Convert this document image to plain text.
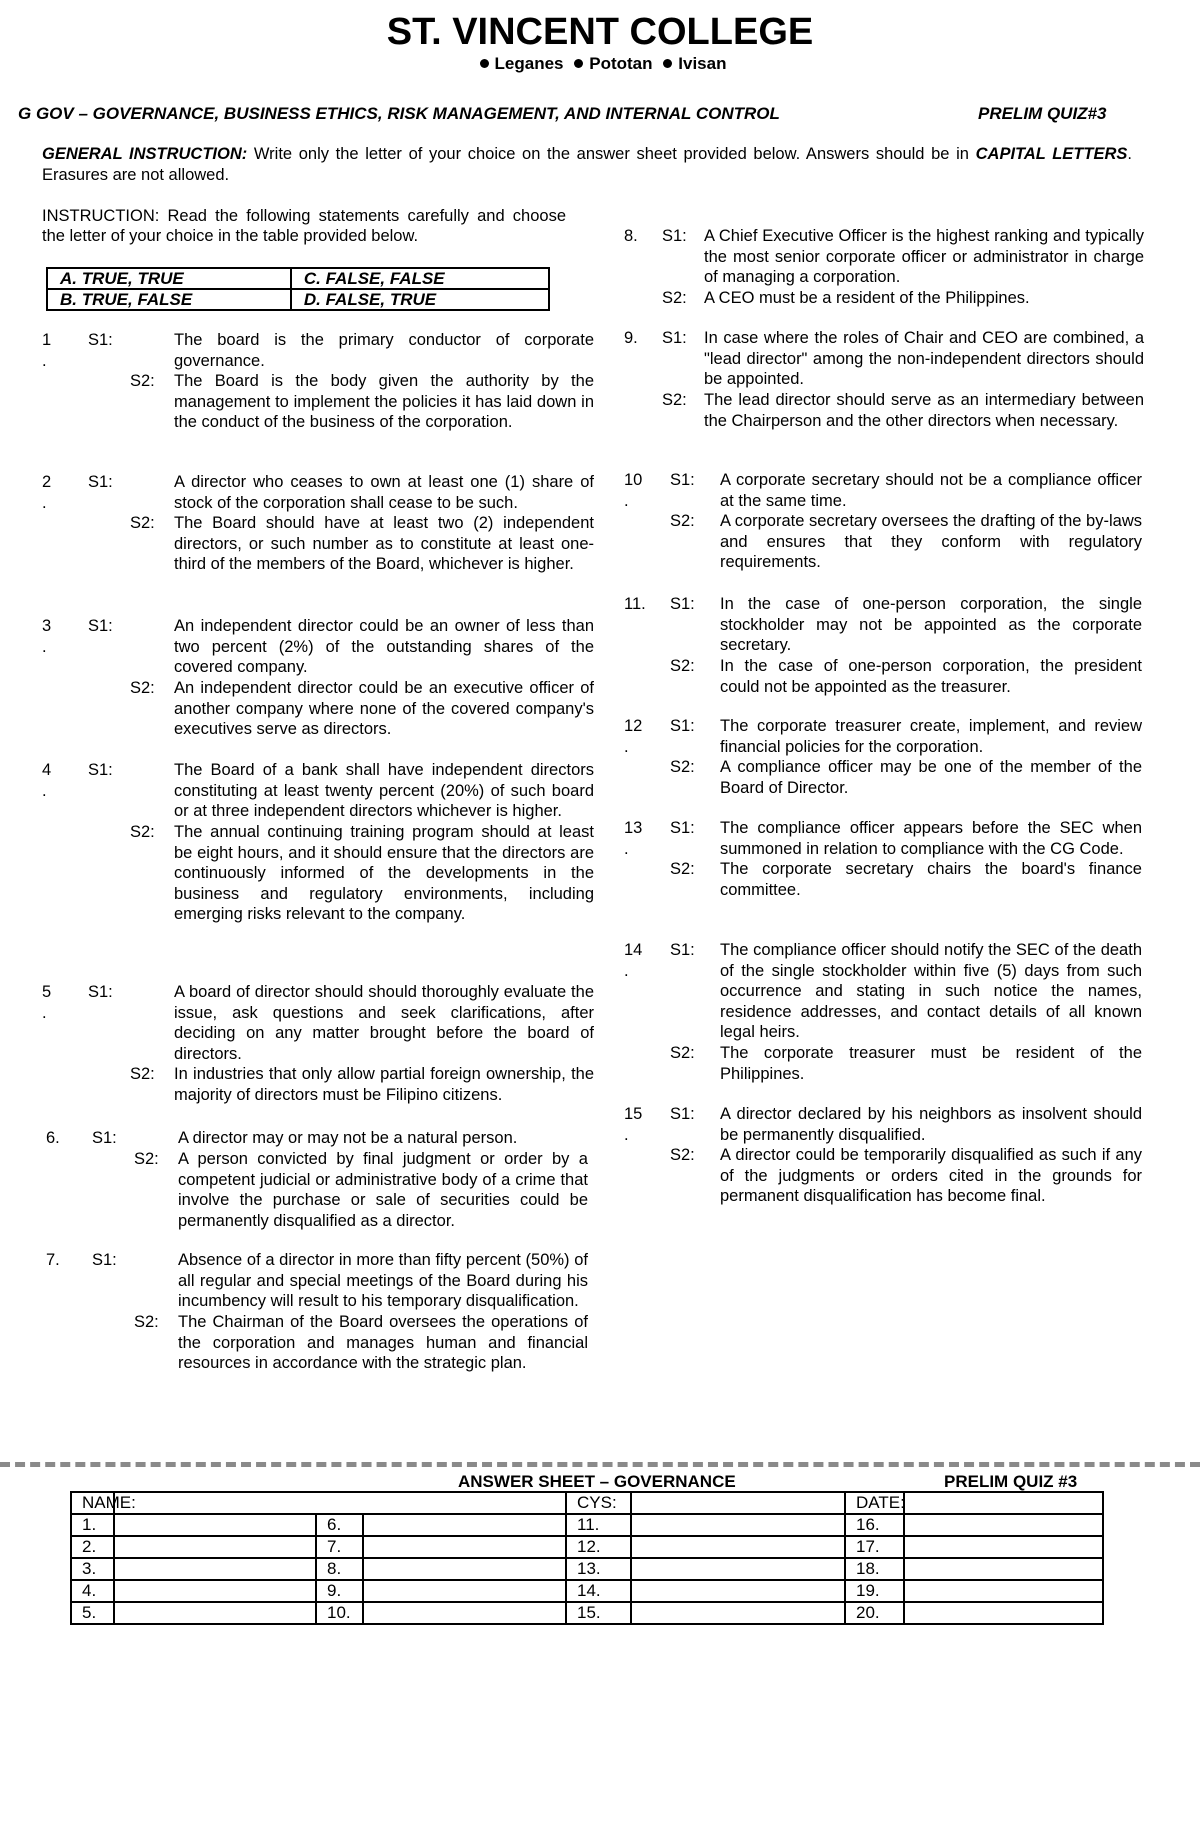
ST. VINCENT COLLEGE
Leganes Pototan Ivisan
G GOV – GOVERNANCE, BUSINESS ETHICS, RISK MANAGEMENT, AND INTERNAL CONTROL	PRELIM QUIZ#3
GENERAL INSTRUCTION: Write only the letter of your choice on the answer sheet provided below. Answers should be in CAPITAL LETTERS. Erasures are not allowed.
INSTRUCTION: Read the following statements carefully and choose the letter of your choice in the table provided below.
A. TRUE, TRUE	C. FALSE, FALSE
B. TRUE, FALSE	D. FALSE, TRUE
1
.
S1:	The board is the primary conductor of corporate governance.
S2:	The Board is the body given the authority by the management to implement the policies it has laid down in the conduct of the business of the corporation.
2
.
S1:	A director who ceases to own at least one (1) share of stock of the corporation shall cease to be such.
S2:	The Board should have at least two (2) independent directors, or such number as to constitute at least one-third of the members of the Board, whichever is higher.
3
.
S1:	An independent director could be an owner of less than two percent (2%) of the outstanding shares of the covered company.
S2:	An independent director could be an executive officer of another company where none of the covered company's executives serve as directors.
4
.
S1:	The Board of a bank shall have independent directors constituting at least twenty percent (20%) of such board or at three independent directors whichever is higher.
S2:	The annual continuing training program should at least be eight hours, and it should ensure that the directors are continuously informed of the developments in the business and regulatory environments, including emerging risks relevant to the company.
5
.
S1:	A board of director should should thoroughly evaluate the issue, ask questions and seek clarifications, after deciding on any matter brought before the board of directors.
S2:	In industries that only allow partial foreign ownership, the majority of directors must be Filipino citizens.
6.	S1:	A director may or may not be a natural person.
S2:	A person convicted by final judgment or order by a competent judicial or administrative body of a crime that involve the purchase or sale of securities could be permanently disqualified as a director.
7.	S1:	Absence of a director in more than fifty percent (50%) of all regular and special meetings of the Board during his incumbency will result to his temporary disqualification.
S2:	The Chairman of the Board oversees the operations of the corporation and manages human and financial resources in accordance with the strategic plan.
8.	S1:	A Chief Executive Officer is the highest ranking and typically the most senior corporate officer or administrator in charge of managing a corporation.
S2:	A CEO must be a resident of the Philippines.
9.	S1:	In case where the roles of Chair and CEO are combined, a "lead director" among the non-independent directors should be appointed.
S2:	The lead director should serve as an intermediary between the Chairperson and the other directors when necessary.
10
.
S1:	A corporate secretary should not be a compliance officer at the same time.
S2:	A corporate secretary oversees the drafting of the by-laws and ensures that they conform with regulatory requirements.
11. S1:	In the case of one-person corporation, the single stockholder may not be appointed as the corporate secretary.
S2:	In the case of one-person corporation, the president could not be appointed as the treasurer.
12
.
S1:	The corporate treasurer create, implement, and review financial policies for the corporation.
S2:	A compliance officer may be one of the member of the Board of Director.
13
.
S1:	The compliance officer appears before the SEC when summoned in relation to compliance with the CG Code.
S2:	The corporate secretary chairs the board's finance committee.
14
.
S1:	The compliance officer should notify the SEC of the death of the single stockholder within five (5) days from such occurrence and stating in such notice the names, residence addresses, and contact details of all known legal heirs.
S2:	The corporate treasurer must be resident of the Philippines.
15
.
S1:	A director declared by his neighbors as insolvent should be permanently disqualified.
S2:	A director could be temporarily disqualified as such if any of the judgments or orders cited in the grounds for permanent disqualification has become final.
ANSWER SHEET – GOVERNANCE	PRELIM QUIZ #3
NAME:				CYS:		DATE:	
1.		6.		11.		16.	
2.		7.		12.		17.	
3.		8.		13.		18.	
4.		9.		14.		19.	
5.		10.		15.		20.	
